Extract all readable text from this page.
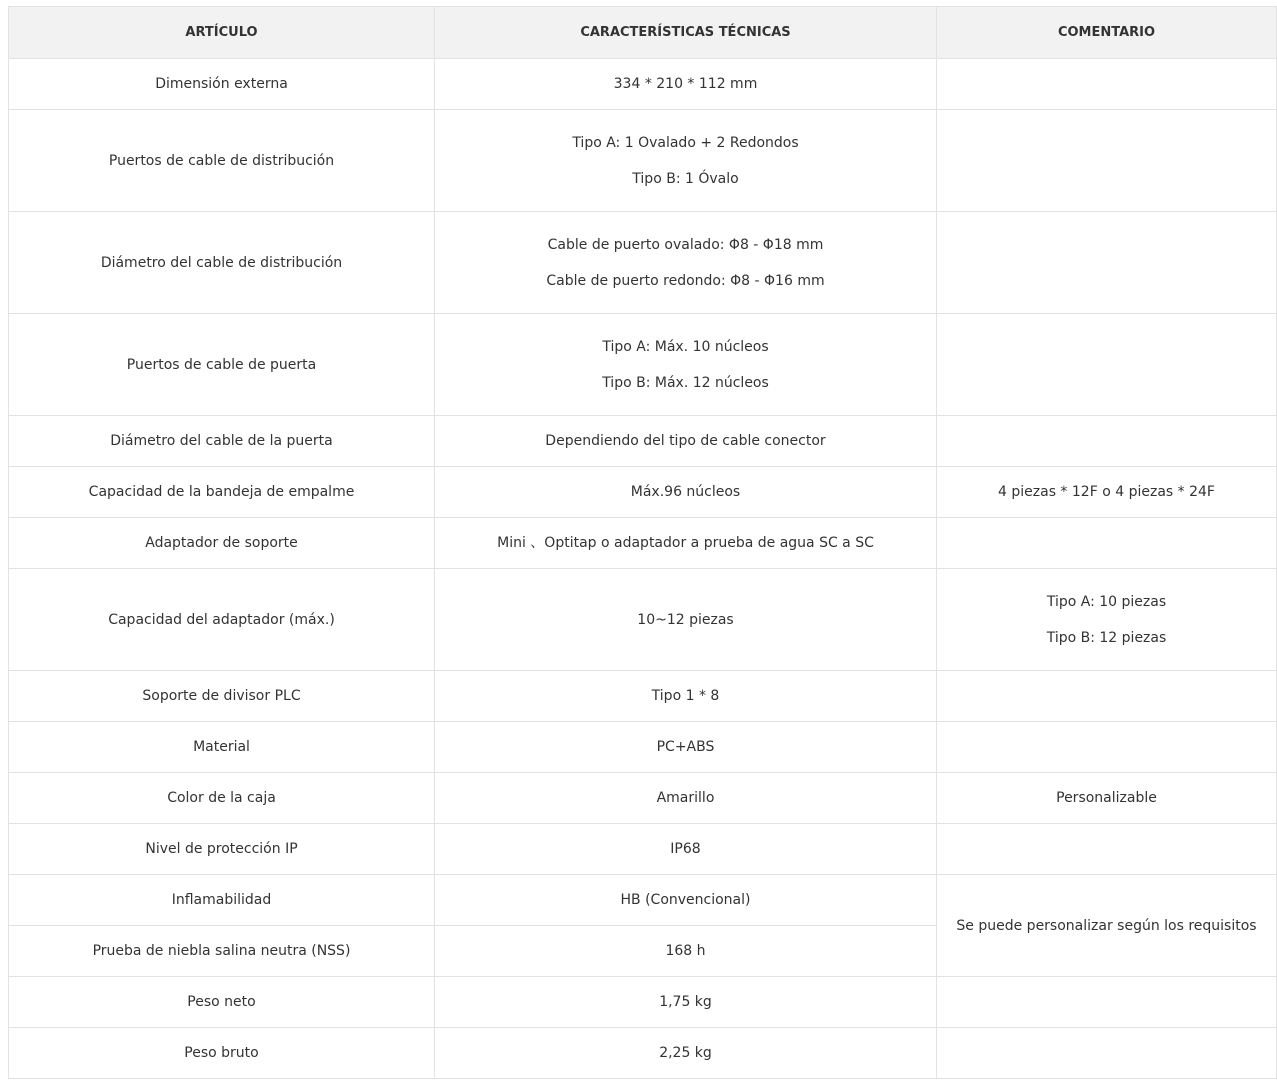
ARTÍCULO	CARACTERÍSTICAS TÉCNICAS	COMENTARIO
Dimensión externa	334 * 210 * 112 mm	

Puertos de cable de distribución	Tipo A: 1 Ovalado + 2 Redondos
Tipo B: 1 Óvalo	

Diámetro del cable de distribución	Cable de puerto ovalado: Φ8 - Φ18 mm
Cable de puerto redondo: Φ8 - Φ16 mm	

Puertos de cable de puerta	Tipo A: Máx. 10 núcleos
Tipo B: Máx. 12 núcleos	

Diámetro del cable de la puerta	Dependiendo del tipo de cable conector	

Capacidad de la bandeja de empalme	Máx.96 núcleos	4 piezas * 12F o 4 piezas * 24F

Adaptador de soporte	Mini 、Optitap o adaptador a prueba de agua SC a SC	

Capacidad del adaptador (máx.)	10~12 piezas	Tipo A: 10 piezas
Tipo B: 12 piezas

Soporte de divisor PLC	Tipo 1 * 8	

Material	PC+ABS	

Color de la caja	Amarillo	Personalizable

Nivel de protección IP	IP68	

Inflamabilidad	HB (Convencional)	Se puede personalizar según los requisitos

Prueba de niebla salina neutra (NSS)	168 h	

Peso neto	1,75 kg	

Peso bruto	2,25 kg	
